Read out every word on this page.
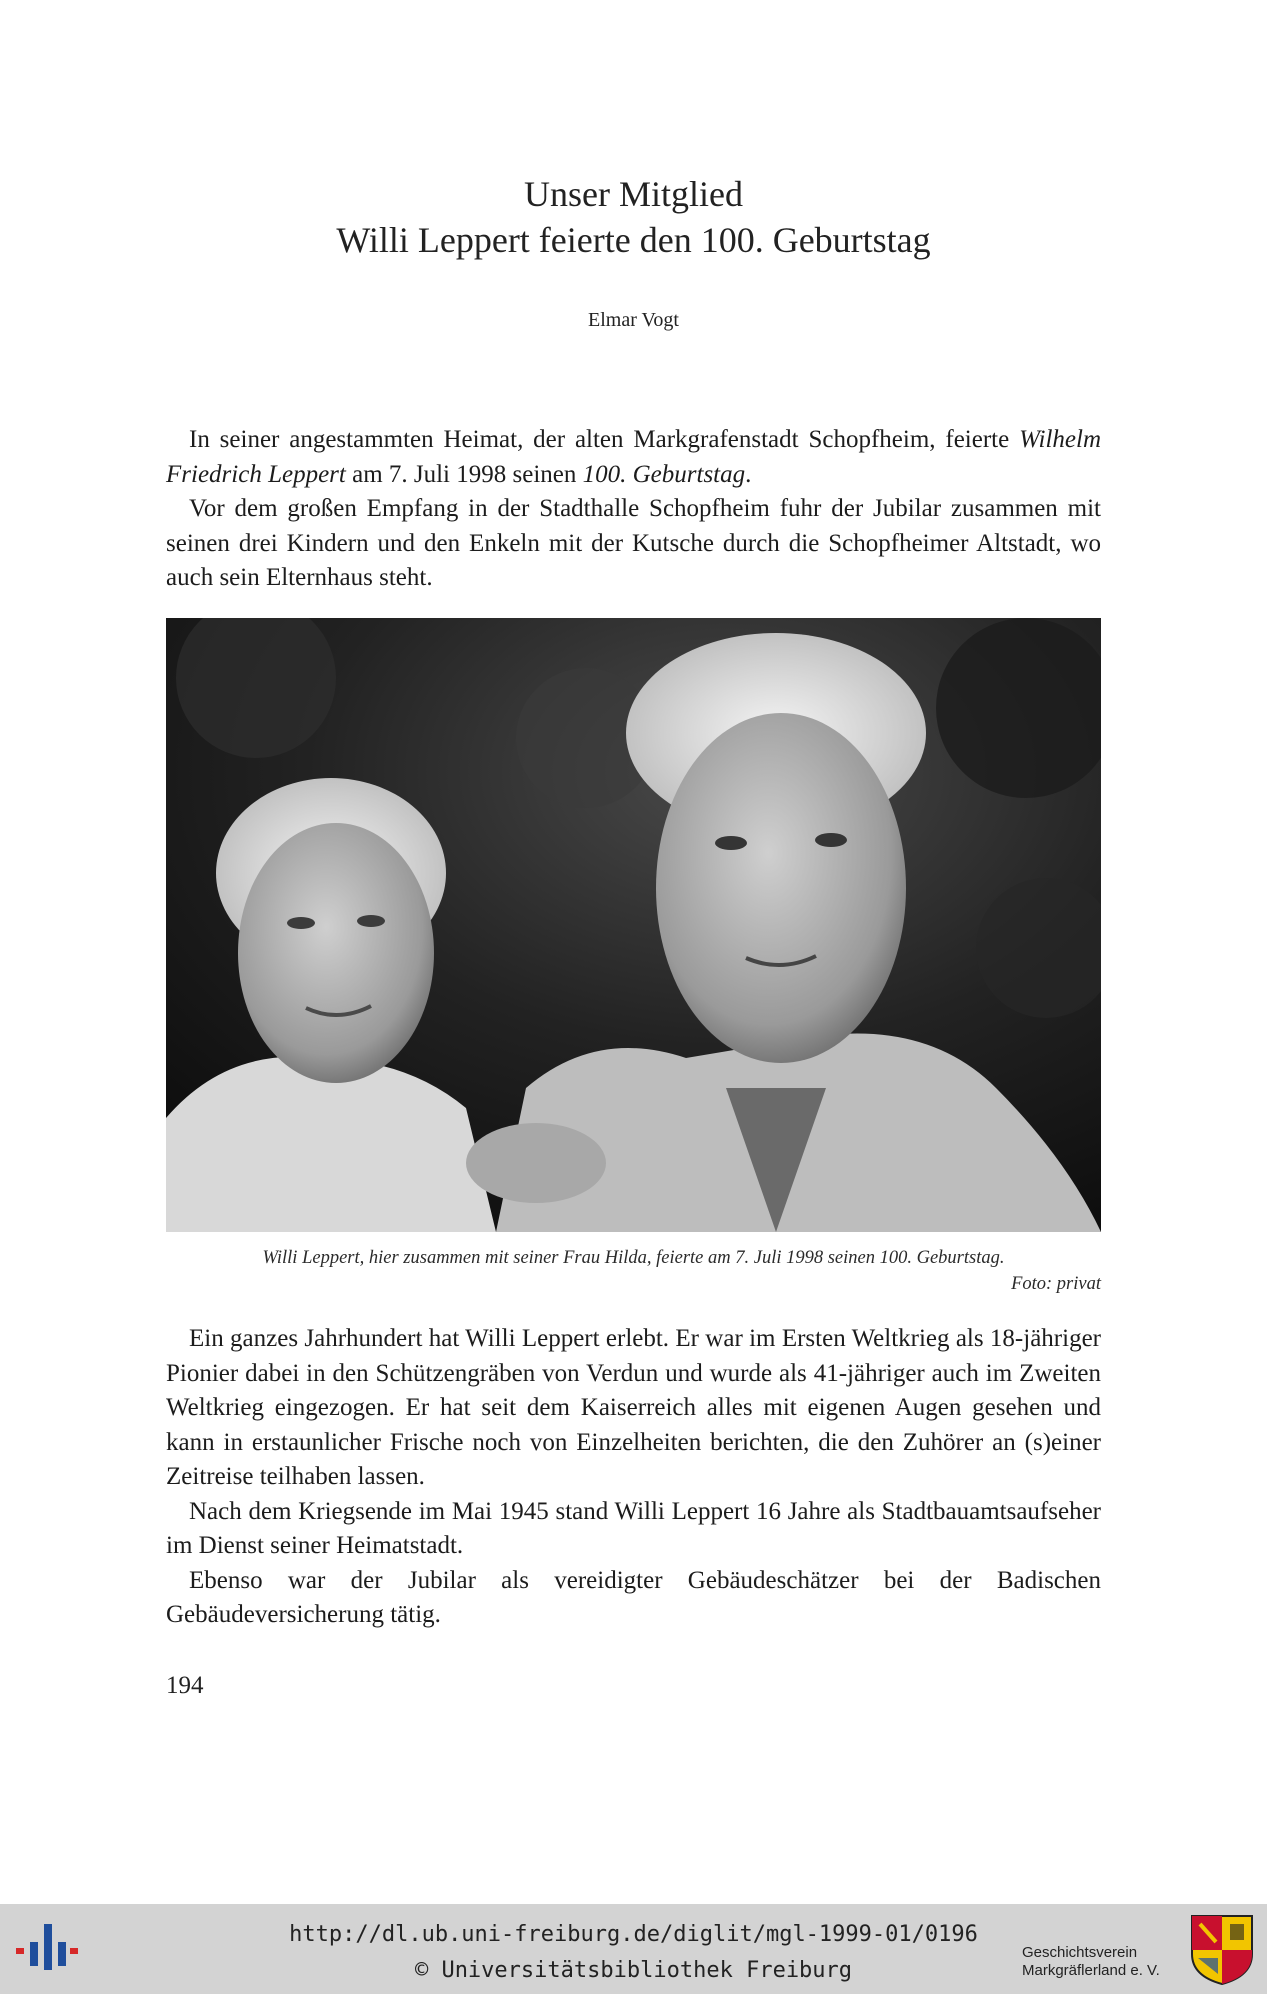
Unser Mitglied
Willi Leppert feierte den 100. Geburtstag
Elmar Vogt

In seiner angestammten Heimat, der alten Markgrafenstadt Schopfheim, feierte Wilhelm Friedrich Leppert am 7. Juli 1998 seinen 100. Geburtstag.

Vor dem großen Empfang in der Stadthalle Schopfheim fuhr der Jubilar zusammen mit seinen drei Kindern und den Enkeln mit der Kutsche durch die Schopfheimer Altstadt, wo auch sein Elternhaus steht.

Willi Leppert, hier zusammen mit seiner Frau Hilda, feierte am 7. Juli 1998 seinen 100. Geburtstag.
Foto: privat

Ein ganzes Jahrhundert hat Willi Leppert erlebt. Er war im Ersten Weltkrieg als 18-jähriger Pionier dabei in den Schützengräben von Verdun und wurde als 41-jähriger auch im Zweiten Weltkrieg eingezogen. Er hat seit dem Kaiserreich alles mit eigenen Augen gesehen und kann in erstaunlicher Frische noch von Einzelheiten berichten, die den Zuhörer an (s)einer Zeitreise teilhaben lassen.

Nach dem Kriegsende im Mai 1945 stand Willi Leppert 16 Jahre als Stadtbauamtsaufseher im Dienst seiner Heimatstadt.

Ebenso war der Jubilar als vereidigter Gebäudeschätzer bei der Badischen Gebäudeversicherung tätig.

194
http://dl.ub.uni-freiburg.de/diglit/mgl-1999-01/0196
© Universitätsbibliothek Freiburg
Geschichtsverein
Markgräflerland e. V.
